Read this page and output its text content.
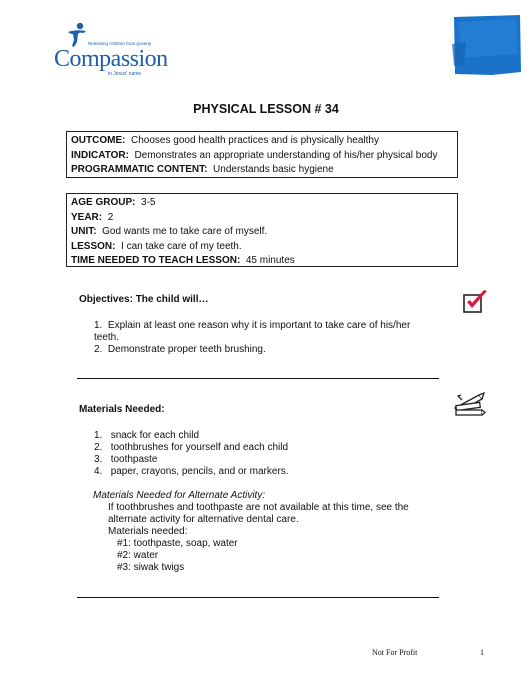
Releasing children from poverty
Compassion
in Jesus' name
PHYSICAL LESSON # 34
OUTCOME: Chooses good health practices and is physically healthy
INDICATOR: Demonstrates an appropriate understanding of his/her physical body
PROGRAMMATIC CONTENT: Understands basic hygiene
AGE GROUP: 3-5
YEAR: 2
UNIT: God wants me to take care of myself.
LESSON: I can take care of my teeth.
TIME NEEDED TO TEACH LESSON: 45 minutes
Objectives: The child will…
1. Explain at least one reason why it is important to take care of his/her
teeth.
2. Demonstrate proper teeth brushing.
Materials Needed:
1. snack for each child
2. toothbrushes for yourself and each child
3. toothpaste
4. paper, crayons, pencils, and or markers.
Materials Needed for Alternate Activity:
If toothbrushes and toothpaste are not available at this time, see the
alternate activity for alternative dental care.
Materials needed:
#1: toothpaste, soap, water
#2: water
#3: siwak twigs
Not For Profit	1
